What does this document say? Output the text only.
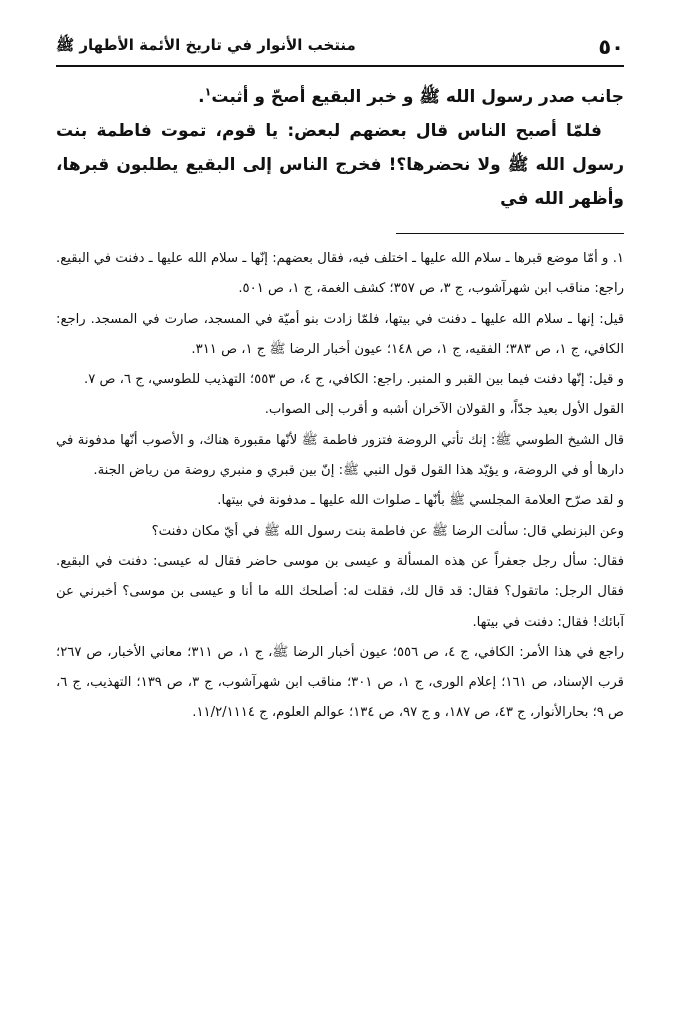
٥٠
منتخب الأنوار في تاريخ الأئمة الأطهار ﷺ

جانب صدر رسول الله ﷺ و خبر البقيع أصحّ و أثبت$^١$.

فلمّا أصبح الناس قال بعضهم لبعض: يا قوم، تموت فاطمة بنت رسول الله ﷺ ولا نحضرها؟! فخرج الناس إلى البقيع يطلبون قبرها، وأظهر الله في

١. و أمّا موضع قبرها ـ سلام الله عليها ـ اختلف فيه، فقال بعضهم: إنّها ـ سلام الله عليها ـ دفنت في البقيع. راجع: مناقب ابن شهرآشوب، ج ٣، ص ٣٥٧؛ كشف الغمة، ج ١، ص ٥٠١.

قيل: إنها ـ سلام الله عليها ـ دفنت في بيتها، فلمّا زادت بنو أميّة في المسجد، صارت في المسجد. راجع: الكافي، ج ١، ص ٣٨٣؛ الفقيه، ج ١، ص ١٤٨؛ عيون أخبار الرضا ﷺ ج ١، ص ٣١١.

و قيل: إنّها دفنت فيما بين القبر و المنبر. راجع: الكافي، ج ٤، ص ٥٥٣؛ التهذيب للطوسي، ج ٦، ص ٧.

القول الأول بعيد جدّاً، و القولان الآخران أشبه و أقرب إلى الصواب.

قال الشيخ الطوسي ﷺ: إنك تأتي الروضة فتزور فاطمة ﷺ لأنّها مقبورة هناك، و الأصوب أنّها مدفونة في دارها أو في الروضة، و يؤيّد هذا القول قول النبي ﷺ: إنّ بين قبري و منبري روضة من رياض الجنة.

و لقد صرّح العلامة المجلسي ﷺ بأنّها ـ صلوات الله عليها ـ مدفونة في بيتها.

وعن البزنطي قال: سألت الرضا ﷺ عن فاطمة بنت رسول الله ﷺ في أيّ مكان دفنت؟

فقال: سأل رجل جعفراً عن هذه المسألة و عيسى بن موسى حاضر فقال له عيسى: دفنت في البقيع. فقال الرجل: ماتقول؟ فقال: قد قال لك، فقلت له: أصلحك الله ما أنا و عيسى بن موسى؟ أخبرني عن آبائك! فقال: دفنت في بيتها.

راجع في هذا الأمر: الكافي، ج ٤، ص ٥٥٦؛ عيون أخبار الرضا ﷺ، ج ١، ص ٣١١؛ معاني الأخبار، ص ٢٦٧؛ قرب الإسناد، ص ١٦١؛ إعلام الورى، ج ١، ص ٣٠١؛ مناقب ابن شهرآشوب، ج ٣، ص ١٣٩؛ التهذيب، ج ٦، ص ٩؛ بحارالأنوار، ج ٤٣، ص ١٨٧، و ج ٩٧، ص ١٣٤؛ عوالم العلوم، ج ١١/٢/١١١٤.
